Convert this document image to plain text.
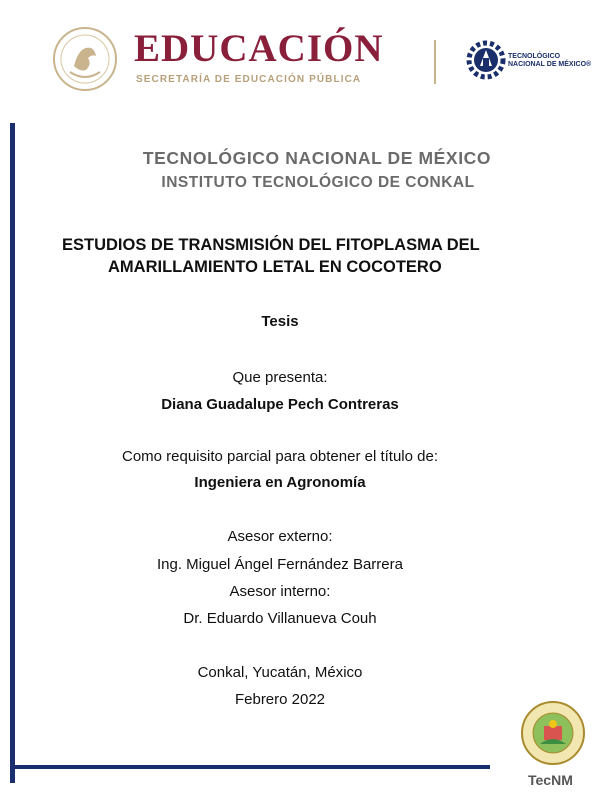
EDUCACIÓN
SECRETARÍA DE EDUCACIÓN PÚBLICA
TECNOLÓGICO
NACIONAL DE MÉXICO®
TECNOLÓGICO NACIONAL DE MÉXICO
INSTITUTO TECNOLÓGICO DE CONKAL
ESTUDIOS DE TRANSMISIÓN DEL FITOPLASMA DEL
AMARILLAMIENTO LETAL EN COCOTERO
Tesis
Que presenta:
Diana Guadalupe Pech Contreras
Como requisito parcial para obtener el título de:
Ingeniera en Agronomía
Asesor externo:
Ing. Miguel Ángel Fernández Barrera
Asesor interno:
Dr. Eduardo Villanueva Couh
Conkal, Yucatán, México
Febrero 2022
TecNM
